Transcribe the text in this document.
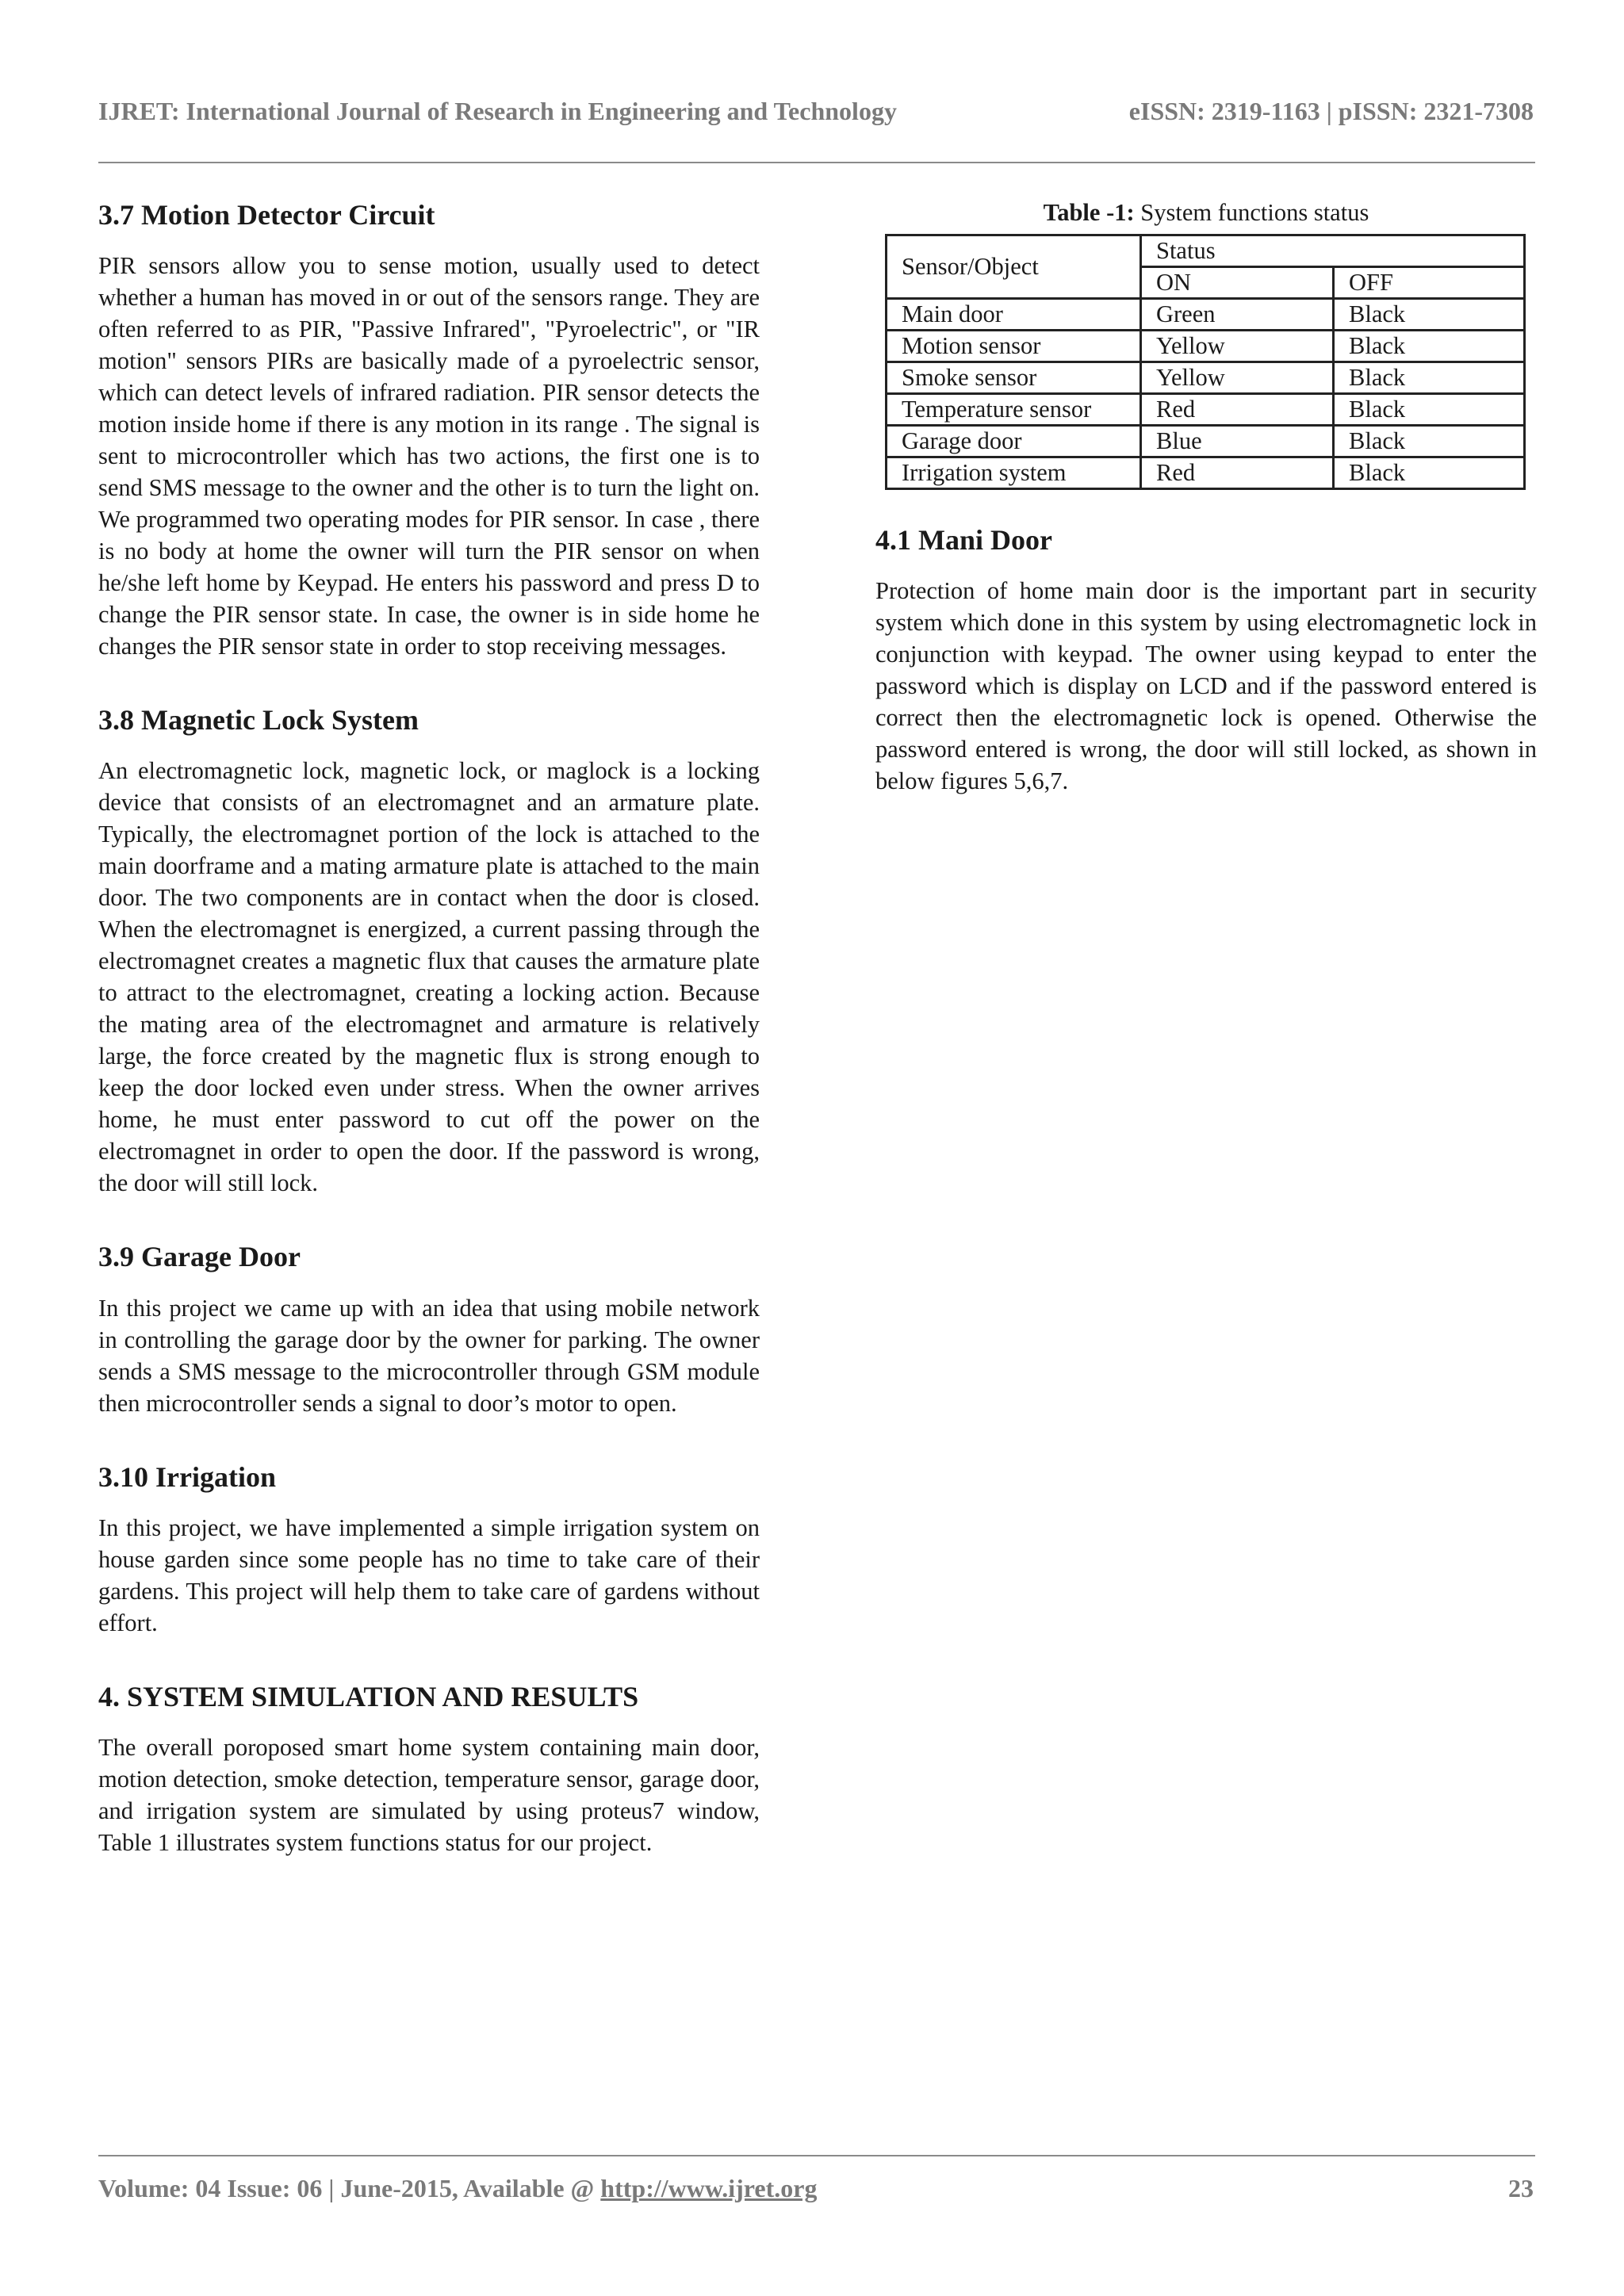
IJRET: International Journal of Research in Engineering and Technology	eISSN: 2319-1163 | pISSN: 2321-7308
3.7 Motion Detector Circuit

PIR sensors allow you to sense motion, usually used to detect whether a human has moved in or out of the sensors range. They are often referred to as PIR, "Passive Infrared", "Pyroelectric", or "IR motion" sensors PIRs are basically made of a pyroelectric sensor, which can detect levels of infrared radiation. PIR sensor detects the motion inside home if there is any motion in its range . The signal is sent to microcontroller which has two actions, the first one is to send SMS message to the owner and the other is to turn the light on. We programmed two operating modes for PIR sensor. In case , there is no body at home the owner will turn the PIR sensor on when he/she left home by Keypad. He enters his password and press D to change the PIR sensor state. In case, the owner is in side home he changes the PIR sensor state in order to stop receiving messages.

3.8 Magnetic Lock System

An electromagnetic lock, magnetic lock, or maglock is a locking device that consists of an electromagnet and an armature plate. Typically, the electromagnet portion of the lock is attached to the main doorframe and a mating armature plate is attached to the main door. The two components are in contact when the door is closed. When the electromagnet is energized, a current passing through the electromagnet creates a magnetic flux that causes the armature plate to attract to the electromagnet, creating a locking action. Because the mating area of the electromagnet and armature is relatively large, the force created by the magnetic flux is strong enough to keep the door locked even under stress. When the owner arrives home, he must enter password to cut off the power on the electromagnet in order to open the door. If the password is wrong, the door will still lock.

3.9 Garage Door

In this project we came up with an idea that using mobile network in controlling the garage door by the owner for parking. The owner sends a SMS message to the microcontroller through GSM module then microcontroller sends a signal to door’s motor to open.

3.10 Irrigation

In this project, we have implemented a simple irrigation system on house garden since some people has no time to take care of their gardens. This project will help them to take care of gardens without effort.

4. SYSTEM SIMULATION AND RESULTS

The overall poroposed smart home system containing main door, motion detection, smoke detection, temperature sensor, garage door, and irrigation system are simulated by using proteus7 window, Table 1 illustrates system functions status for our project.

Table -1: System functions status
Sensor/Object	Status	
	ON	OFF
Main door	Green	Black
Motion sensor	Yellow	Black
Smoke sensor	Yellow	Black
Temperature sensor	Red	Black
Garage door	Blue	Black
Irrigation system	Red	Black
4.1 Mani Door

Protection of home main door is the important part in security system which done in this system by using electromagnetic lock in conjunction with keypad. The owner using keypad to enter the password which is display on LCD and if the password entered is correct then the electromagnetic lock is opened. Otherwise the password entered is wrong, the door will still locked, as shown in below figures 5,6,7.

Volume: 04 Issue: 06 | June-2015, Available @ http://www.ijret.org	23
